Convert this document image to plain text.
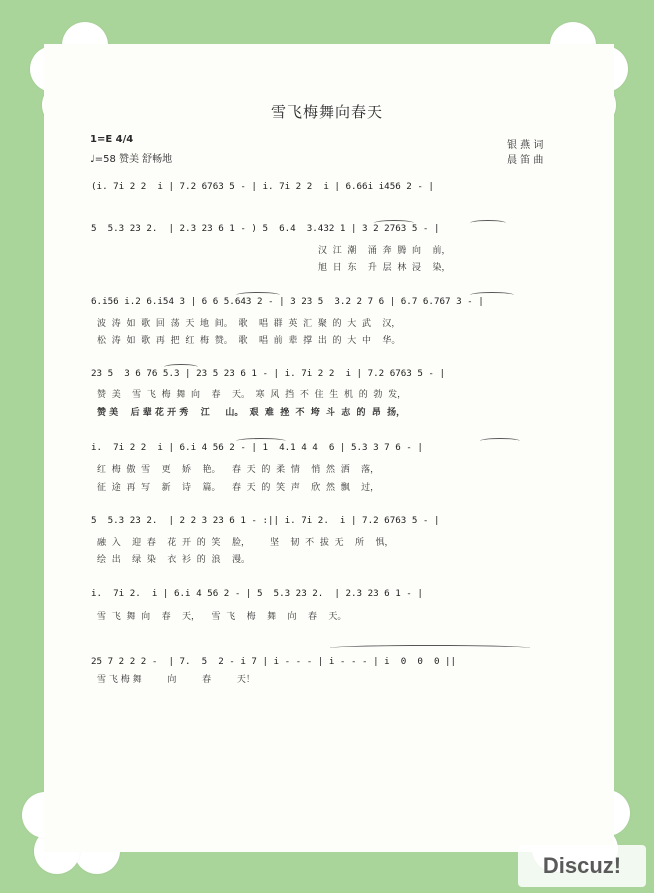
雪飞梅舞向春天
1=E 4/4
♩=58 赞美 舒畅地
银 燕 词
晨 笛 曲
(i. 7i 2 2  i | 7.2 6763 5 - | i. 7i 2 2  i | 6.66i i456 2 - |
5  5.3 23 2.  | 2.3 23 6 1 - ) 5  6.4  3.432 1 | 3 2 2763 5 - |
6.i56 i.2 6.i54 3 | 6 6 5.643 2 - | 3 23 5  3.2 2 7 6 | 6.7 6.767 3 - |
23 5  3 6 76 5.3 | 23 5 23 6 1 - | i. 7i 2 2  i | 7.2 6763 5 - |
i.  7i 2 2  i | 6.i 4 56 2 - | 1  4.1 4 4  6 | 5.3 3 7 6 - |
5  5.3 23 2.  | 2 2 3 23 6 1 - :|| i. 7i 2.  i | 7.2 6763 5 - |
i.  7i 2.  i | 6.i 4 56 2 - | 5  5.3 23 2.  | 2.3 23 6 1 - |
25 7 2 2 2 -  | 7.  5  2 - i 7 | i - - - | i - - - | i  0  0  0 ||
汉  江  潮    涌  奔  腾  向    前，
旭  日  东    升  层  林  浸    染，
波  涛  如  歌  回  荡  天  地  间。  歌    唱  群  英  汇  聚  的  大  武    汉，
松  涛  如  歌  再  把  红  梅  赞。  歌    唱  前  辈  撑  出  的  大  中    华。
赞  美    雪  飞  梅  舞  向    春    天。  寒  风  挡  不  住  生  机  的  勃  发，
赞 美    后 辈 花 开 秀    江     山。  艰  难  挫  不  垮  斗  志  的  昂  扬，
红  梅  傲  雪    更    娇    艳。    春  天  的  柔  情    悄  然  洒    落，
征  途  再  写    新    诗    篇。    春  天  的  笑  声    欣  然  飘    过，
融  入    迎  春    花  开  的  笑    脸，       坚    韧  不  拔  无    所    惧，
绘  出    绿  染    衣  衫  的  浪    漫。
雪  飞  舞  向    春    天，    雪  飞    梅    舞    向    春    天。
雪 飞 梅 舞         向         春         天！
Discuz!
